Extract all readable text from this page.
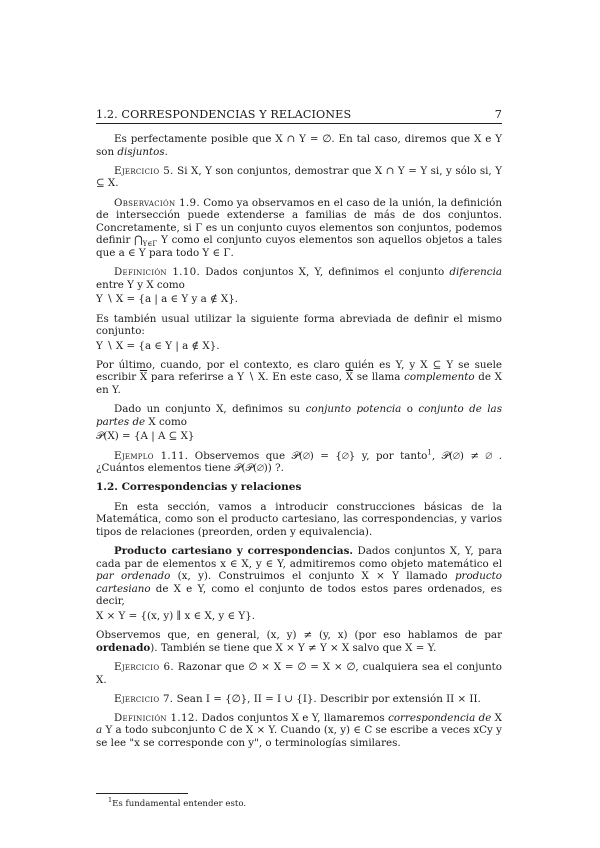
1.2. CORRESPONDENCIAS Y RELACIONES	7

Es perfectamente posible que X ∩ Y = ∅. En tal caso, diremos que X e Y son disjuntos.

Ejercicio 5. Si X, Y son conjuntos, demostrar que X ∩ Y = Y si, y sólo si, Y ⊆ X.

Observación 1.9. Como ya observamos en el caso de la unión, la definición de intersección puede extenderse a familias de más de dos conjuntos. Concretamente, si Γ es un conjunto cuyos elementos son conjuntos, podemos definir $⋂_{Y\in\Gamma}$ Y como el conjunto cuyos elementos son aquellos objetos a tales que a ∈ Y para todo Y ∈ Γ.

Definición 1.10. Dados conjuntos X, Y, definimos el conjunto diferencia entre Y y X como

Y ∖ X = {a | a ∈ Y y a ∉ X}.

Es también usual utilizar la siguiente forma abreviada de definir el mismo conjunto:

Y ∖ X = {a ∈ Y | a ∉ X}.

Por último, cuando, por el contexto, es claro quién es Y, y X ⊆ Y se suele escribir $\overline{X}$ para referirse a Y ∖ X. En este caso, $\overline{X}$ se llama complemento de X en Y.

Dado un conjunto X, definimos su conjunto potencia o conjunto de las partes de X como

𝒫(X) = {A | A ⊆ X}

Ejemplo 1.11. Observemos que 𝒫(∅) = {∅} y, por tanto$^1$, 𝒫(∅) ≠ ∅ . ¿Cuántos elementos tiene 𝒫(𝒫(∅)) ?.

1.2. Correspondencias y relaciones

En esta sección, vamos a introducir construcciones básicas de la Matemática, como son el producto cartesiano, las correspondencias, y varios tipos de relaciones (preorden, orden y equivalencia).

Producto cartesiano y correspondencias. Dados conjuntos X, Y, para cada par de elementos x ∈ X, y ∈ Y, admitiremos como objeto matemático el par ordenado (x, y). Construimos el conjunto X × Y llamado producto cartesiano de X e Y, como el conjunto de todos estos pares ordenados, es decir,

X × Y = {(x, y) ∥ x ∈ X, y ∈ Y}.

Observemos que, en general, (x, y) ≠ (y, x) (por eso hablamos de par ordenado). También se tiene que X × Y ≠ Y × X salvo que X = Y.

Ejercicio 6. Razonar que ∅ × X = ∅ = X × ∅, cualquiera sea el conjunto X.

Ejercicio 7. Sean I = {∅}, II = I ∪ {I}. Describir por extensión II × II.

Definición 1.12. Dados conjuntos X e Y, llamaremos correspondencia de X a Y a todo subconjunto C de X × Y. Cuando (x, y) ∈ C se escribe a veces xCy y se lee "x se corresponde con y", o terminologías similares.

$^1$Es fundamental entender esto.
